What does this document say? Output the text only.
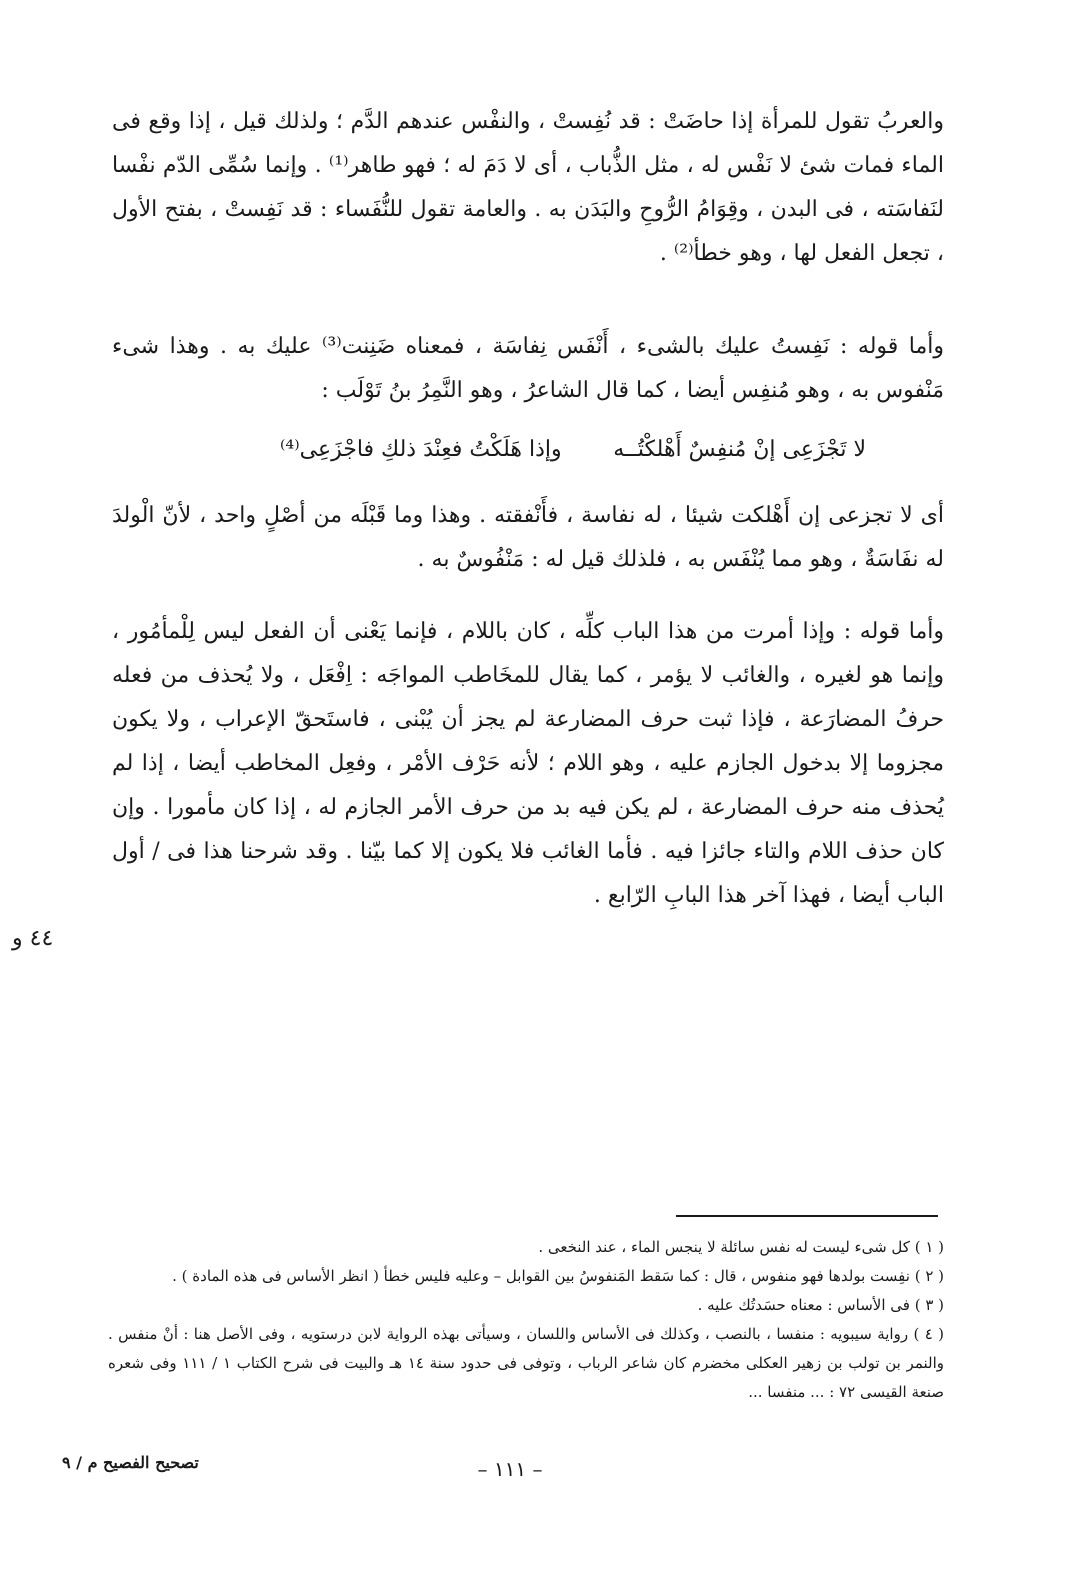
والعربُ تقول للمرأة إذا حاضَتْ : قد نُفِستْ ، والنفْس عندهم الدَّم ؛ ولذلك قيل ، إذا وقع فى الماء فمات شئ لا نَفْس له ، مثل الذُّباب ، أى لا دَمَ له ؛ فهو طاهر⁽¹⁾ . وإنما سُمِّى الدّم نفْسا لنَفاسَته ، فى البدن ، وقِوَامُ الرُّوحِ والبَدَن به . والعامة تقول للنُّفَساء : قد نَفِستْ ، بفتح الأول ، تجعل الفعل لها ، وهو خطأ⁽²⁾ .

وأما قوله : نَفِستُ عليك بالشىء ، أَنْفَس نِفاسَة ، فمعناه ضَنِنت⁽³⁾ عليك به . وهذا شىء مَنْفوس به ، وهو مُنفِس أيضا ، كما قال الشاعرُ ، وهو النَّمِرُ بنُ تَوْلَب :

لا تَجْزَعِى إنْ مُنفِسٌ أَهْلكْتُــه
وإذا هَلَكْتُ فعِنْدَ ذلكِ فاجْزَعِى⁽⁴⁾

أى لا تجزعى إن أَهْلكت شيئا ، له نفاسة ، فأَنْفقته . وهذا وما قَبْلَه من أصْلٍ واحد ، لأنّ الْولدَ له نفَاسَةٌ ، وهو مما يُنْفَس به ، فلذلك قيل له : مَنْفُوسٌ به .

وأما قوله : وإذا أمرت من هذا الباب كلِّه ، كان باللام ، فإنما يَعْنى أن الفعل ليس لِلْمأمُور ، وإنما هو لغيره ، والغائب لا يؤمر ، كما يقال للمخَاطب المواجَه : اِفْعَل ، ولا يُحذف من فعله حرفُ المضارَعة ، فإذا ثبت حرف المضارعة لم يجز أن يُبْنى ، فاستَحقّ الإعراب ، ولا يكون مجزوما إلا بدخول الجازم عليه ، وهو اللام ؛ لأنه حَرْف الأمْر ، وفعِل المخاطب أيضا ، إذا لم يُحذف منه حرف المضارعة ، لم يكن فيه بد من حرف الأمر الجازم له ، إذا كان مأمورا . وإن كان حذف اللام والتاء جائزا فيه . فأما الغائب فلا يكون إلا كما بيّنا . وقد شرحنا هذا فى / أول الباب أيضا ، فهذا آخر هذا البابِ الرّابع .

٤٤ و

( ١ ) كل شىء ليست له نفس سائلة لا ينجس الماء ، عند النخعى .

( ٢ ) نفِست بولدها فهو منفوس ، قال : كما سَقط المَنفوسُ بين القوابل – وعليه فليس خطأ ( انظر الأساس فى هذه المادة ) .

( ٣ ) فى الأساس : معناه حسَدتُك عليه .

( ٤ ) رواية سيبويه : منفسا ، بالنصب ، وكذلك فى الأساس واللسان ، وسيأتى بهذه الرواية لابن درستويه ، وفى الأصل هنا : أنْ منفس . والنمر بن تولب بن زهير العكلى مخضرم كان شاعر الرباب ، وتوفى فى حدود سنة ١٤ هـ والبيت فى شرح الكتاب ١ / ١١١ وفى شعره صنعة القيسى ٧٢ : ... منفسا ...

– ١١١ –
تصحيح الفصيح م / ٩
